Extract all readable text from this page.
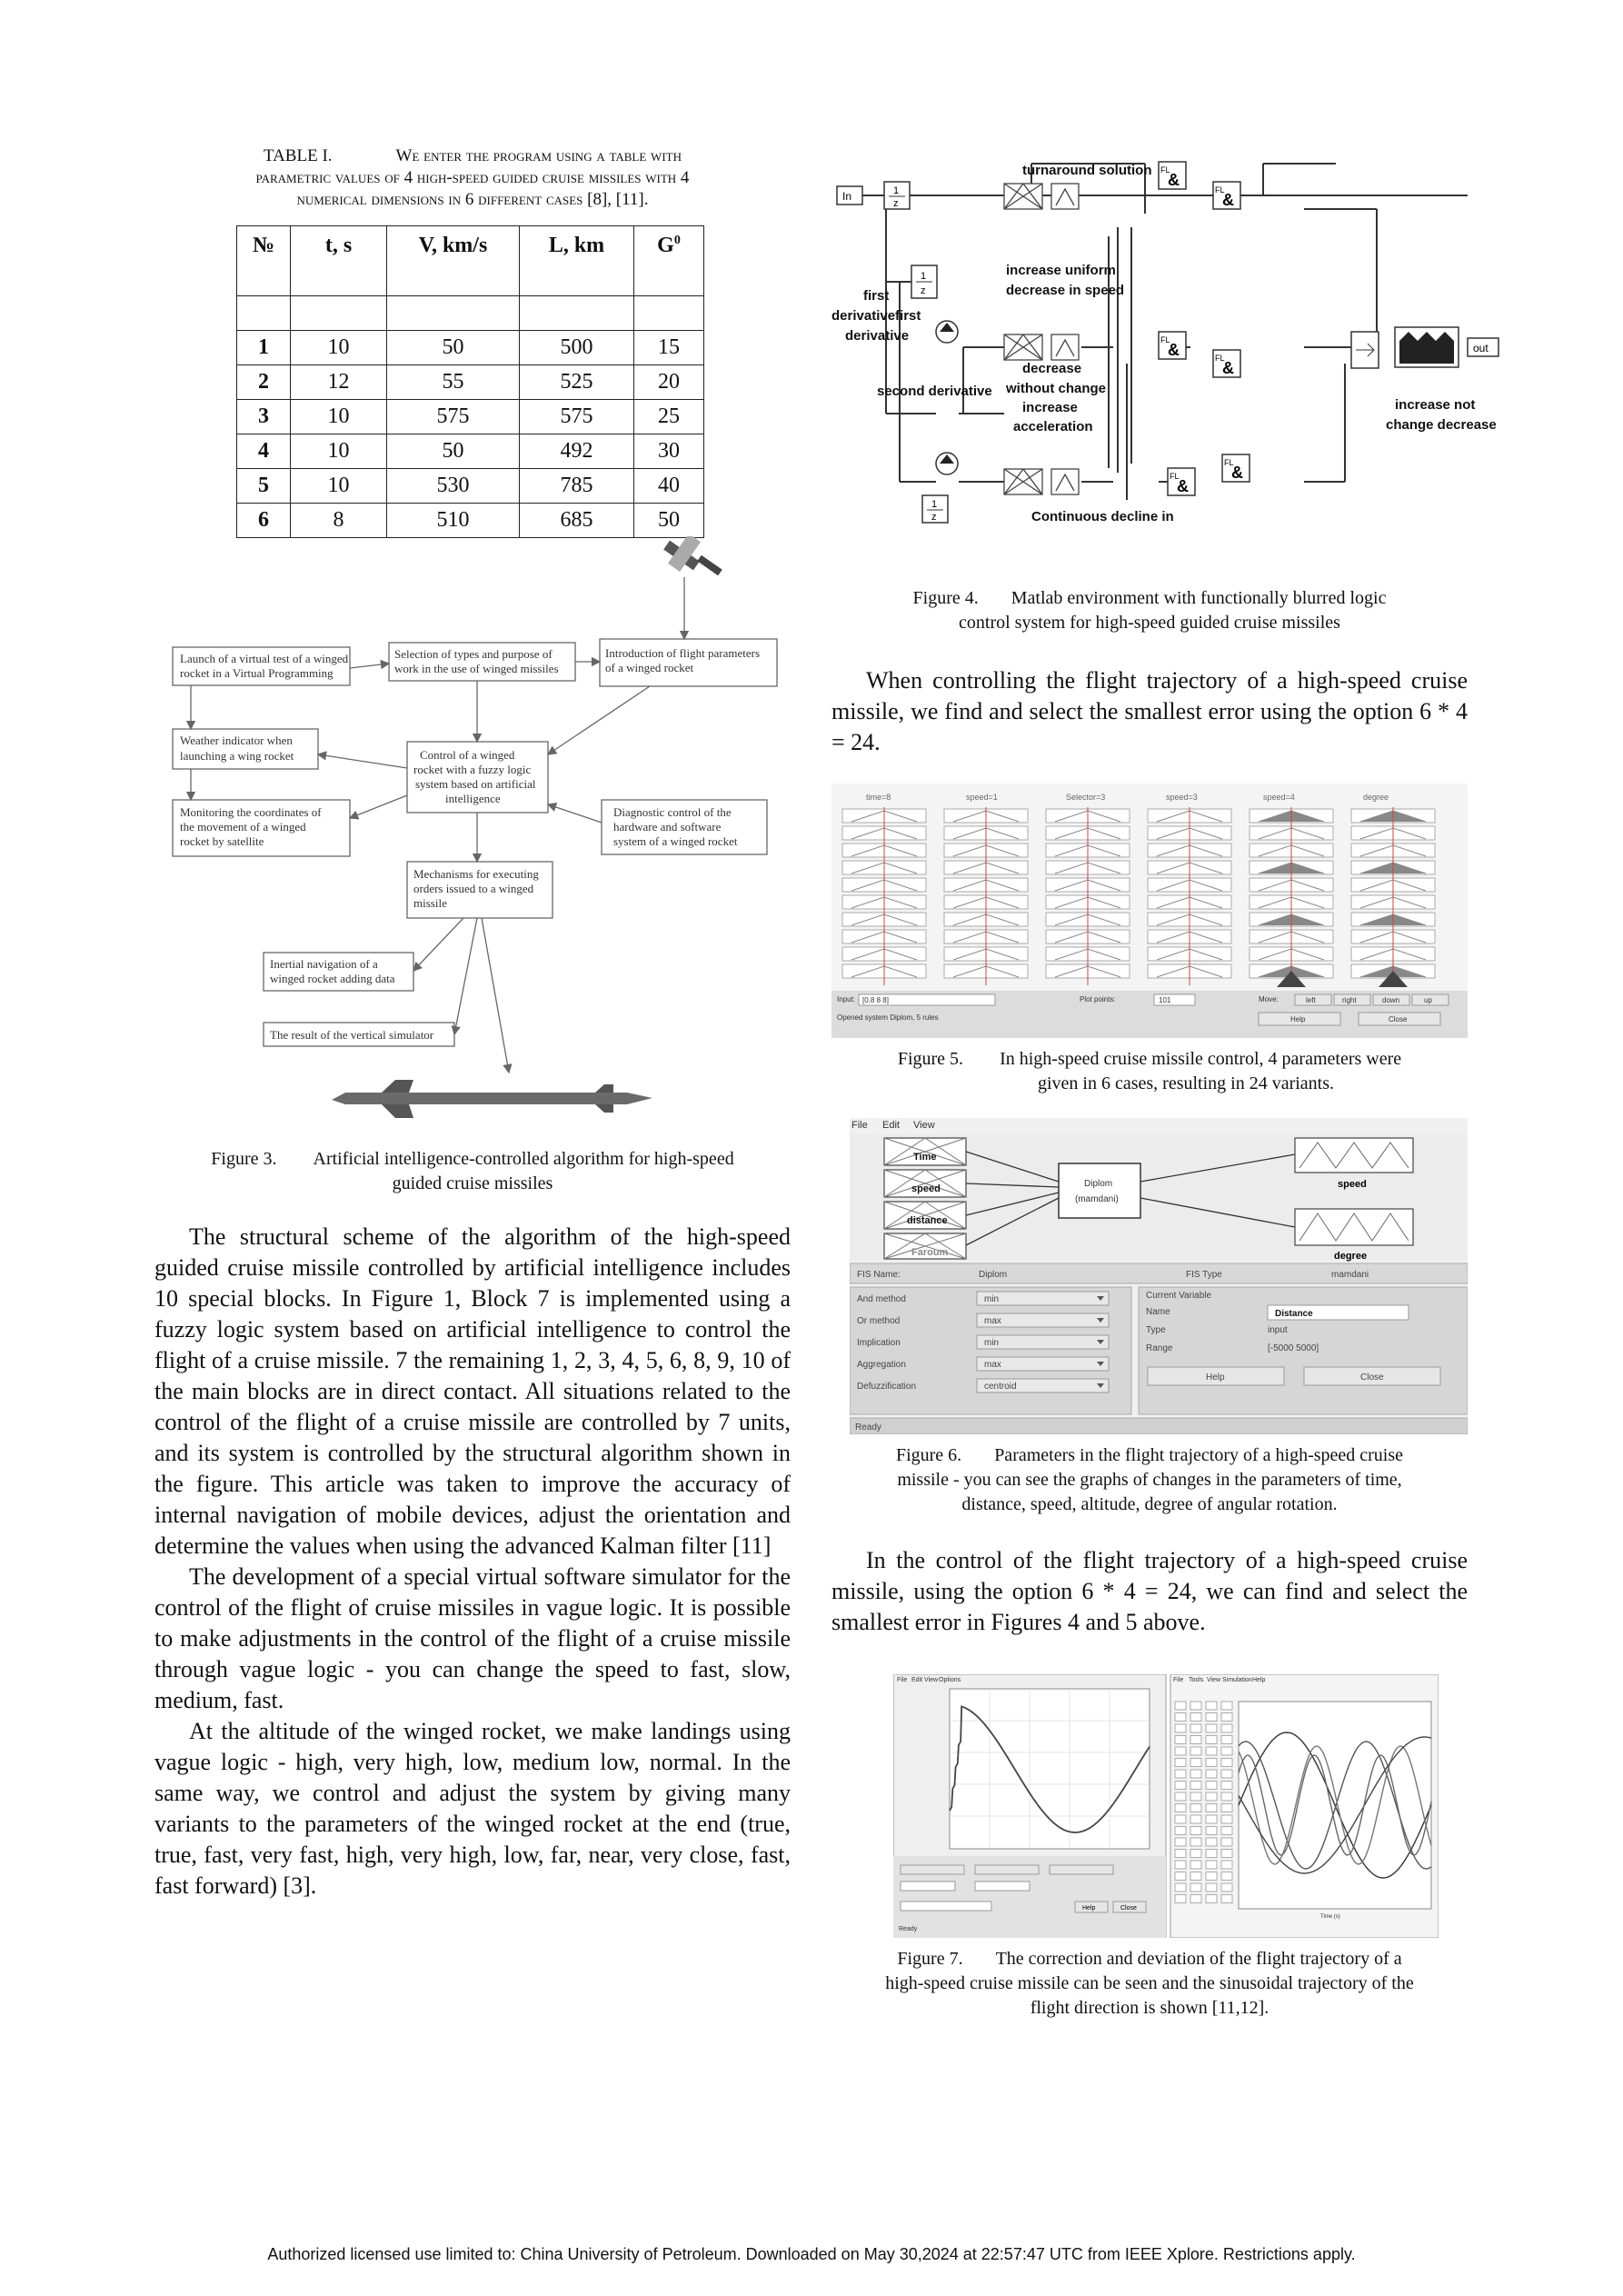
TABLE I.	We enter the program using a table with
parametric values of 4 high-speed guided cruise missiles with 4
numerical dimensions in 6 different cases [8], [11].
№	t, s	V, km/s	L, km	$G^0$

1	10	50	500	15
2	12	55	525	20
3	10	575	575	25
4	10	50	492	30
5	10	530	785	40
6	8	510	685	50
Launch of a virtual test of a winged
rocket in a Virtual Programming
Selection of types and purpose of
work in the use of winged missiles
Introduction of flight parameters
of a winged rocket
Weather indicator when
launching a wing rocket	Control of a winged
rocket with a fuzzy logic
system based on artificial
intelligence
Monitoring the coordinates of
the movement of a winged
rocket by satellite
Diagnostic control of the
hardware and software
system of a winged rocket
Mechanisms for executing
orders issued to a winged
missile
Inertial navigation of a
winged rocket adding data
The result of the vertical simulator
Figure 3. Artificial intelligence-controlled algorithm for high-speed
guided cruise missiles

The structural scheme of the algorithm of the high-speed guided cruise missile controlled by artificial intelligence includes 10 special blocks. In Figure 1, Block 7 is implemented using a fuzzy logic system based on artificial intelligence to control the flight of a cruise missile. 7 the remaining 1, 2, 3, 4, 5, 6, 8, 9, 10 of the main blocks are in direct contact. All situations related to the control of the flight of a cruise missile are controlled by 7 units, and its system is controlled by the structural algorithm shown in the figure. This article was taken to improve the accuracy of internal navigation of mobile devices, adjust the orientation and determine the values when using the advanced Kalman filter [11]

The development of a special virtual software simulator for the control of the flight of cruise missiles in vague logic. It is possible to make adjustments in the control of the flight of a cruise missile through vague logic - you can change the speed to fast, slow, medium, fast.

At the altitude of the winged rocket, we make landings using vague logic - high, very high, low, medium low, normal. In the same way, we control and adjust the system by giving many variants to the parameters of the winged rocket at the end (true, true, fast, very fast, high, very high, low, far, near, very close, fast, fast forward) [3].

In
out
1
z
1
z
1
z
FL
&
FL
&
FL
&	FL
&
FL
&
FL
&
turnaround solution
first
derivativefirst
derivative
increase uniform
decrease in speed
second derivative
decrease
without change
increase
acceleration
increase not
change decrease
Continuous decline in
Figure 4. Matlab environment with functionally blurred logic
control system for high-speed guided cruise missiles

When controlling the flight trajectory of a high-speed cruise missile, we find and select the smallest error using the option 6 * 4 = 24.

time=8	speed=1	Selector=3	speed=3	speed=4	degree
Input: [0.8 8 8]	Plot points:	101	Move:	left	right	down	up
Opened system Diplom, 5 rules	Help	Close
Figure 5. In high-speed cruise missile control, 4 parameters were
given in 6 cases, resulting in 24 variants.
File Edit View
Time
speed
distance
Faroum
Diplom
(mamdani)
speed
degree
FIS Name:	Diplom	FIS Type	mamdani
And method	min
Or method	max
Implication	min
Aggregation	max
Defuzzification	centroid
Current Variable
Name	Distance
Type	input
Range	[-5000 5000]
Help	Close
Ready
Figure 6. Parameters in the flight trajectory of a high-speed cruise
missile - you can see the graphs of changes in the parameters of time,
distance, speed, altitude, degree of angular rotation.

In the control of the flight trajectory of a high-speed cruise missile, using the option 6 * 4 = 24, we can find and select the smallest error in Figures 4 and 5 above.

File Edit View Options
Help	Close
Ready
File Tools View Simulation Help
Time (s)
Figure 7. The correction and deviation of the flight trajectory of a
high-speed cruise missile can be seen and the sinusoidal trajectory of the
flight direction is shown [11,12].
Authorized licensed use limited to: China University of Petroleum. Downloaded on May 30,2024 at 22:57:47 UTC from IEEE Xplore. Restrictions apply.
